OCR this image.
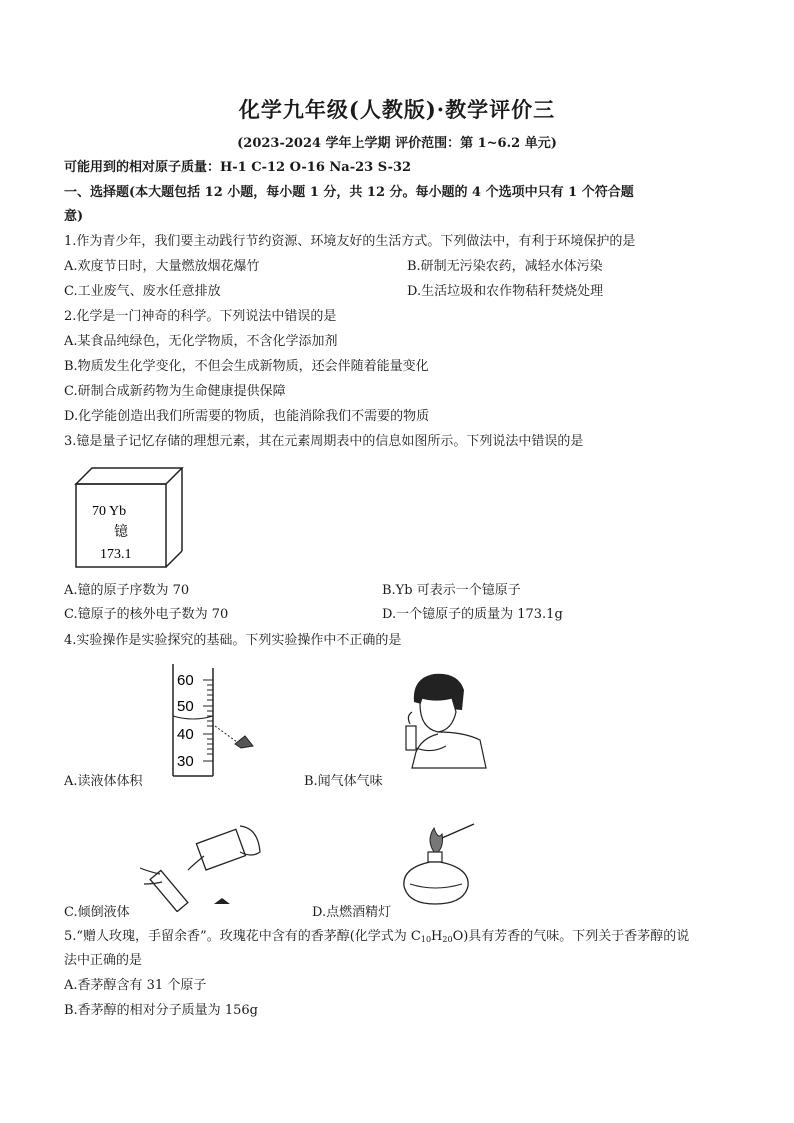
化学九年级(人教版)·教学评价三
(2023-2024 学年上学期 评价范围：第 1~6.2 单元)
可能用到的相对原子质量：H-1 C-12 O-16 Na-23 S-32
一、选择题(本大题包括 12 小题，每小题 1 分，共 12 分。每小题的 4 个选项中只有 1 个符合题
意)
1.作为青少年，我们要主动践行节约资源、环境友好的生活方式。下列做法中，有利于环境保护的是
A.欢度节日时，大量燃放烟花爆竹	B.研制无污染农药，减轻水体污染
C.工业废气、废水任意排放	D.生活垃圾和农作物秸秆焚烧处理
2.化学是一门神奇的科学。下列说法中错误的是
A.某食品纯绿色，无化学物质，不含化学添加剂
B.物质发生化学变化，不但会生成新物质，还会伴随着能量变化
C.研制合成新药物为生命健康提供保障
D.化学能创造出我们所需要的物质，也能消除我们不需要的物质
3.镱是量子记忆存储的理想元素，其在元素周期表中的信息如图所示。下列说法中错误的是
70 Yb
镱
173.1
A.镱的原子序数为 70	B.Yb 可表示一个镱原子
C.镱原子的核外电子数为 70	D.一个镱原子的质量为 173.1g
4.实验操作是实验探究的基础。下列实验操作中不正确的是
60
50
40
30
A.读液体体积	B.闻气体气味
C.倾倒液体	D.点燃酒精灯
5.“赠人玫瑰，手留余香”。玫瑰花中含有的香茅醇(化学式为 $C_{10}H_{20}O$)具有芳香的气味。下列关于香茅醇的说
法中正确的是
A.香茅醇含有 31 个原子
B.香茅醇的相对分子质量为 156g
